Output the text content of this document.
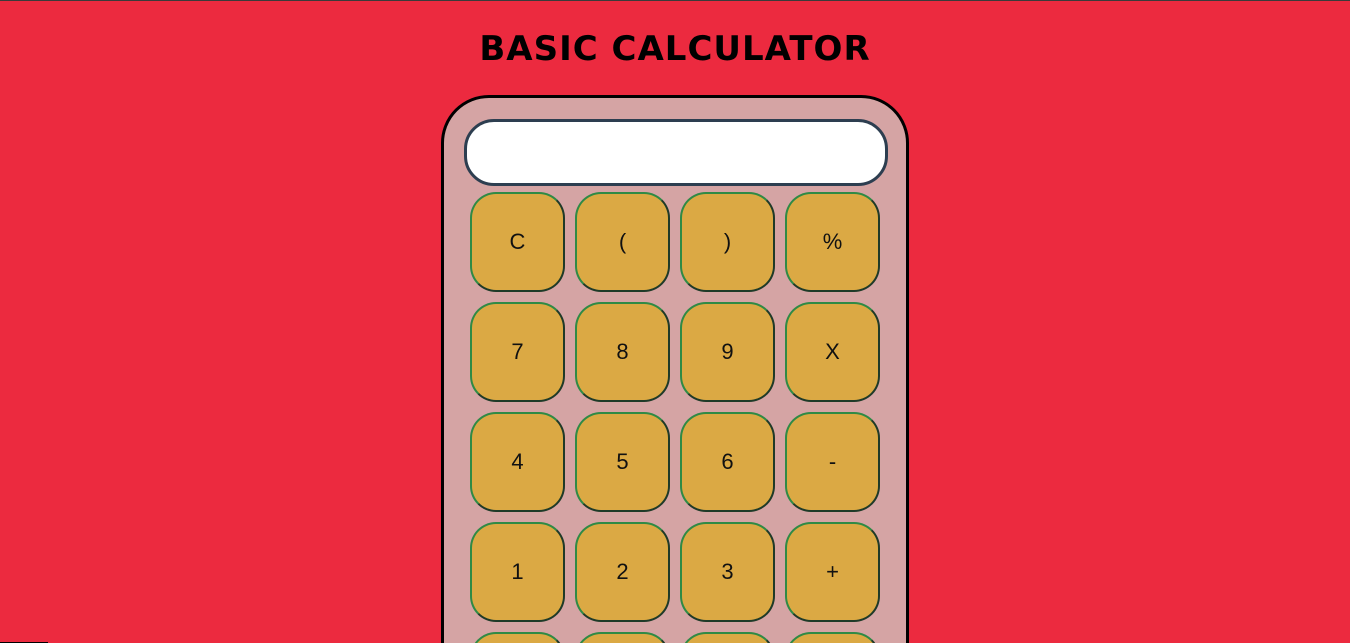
BASIC CALCULATOR
C	(	)	%
7	8	9	X
4	5	6	-
1	2	3	+
